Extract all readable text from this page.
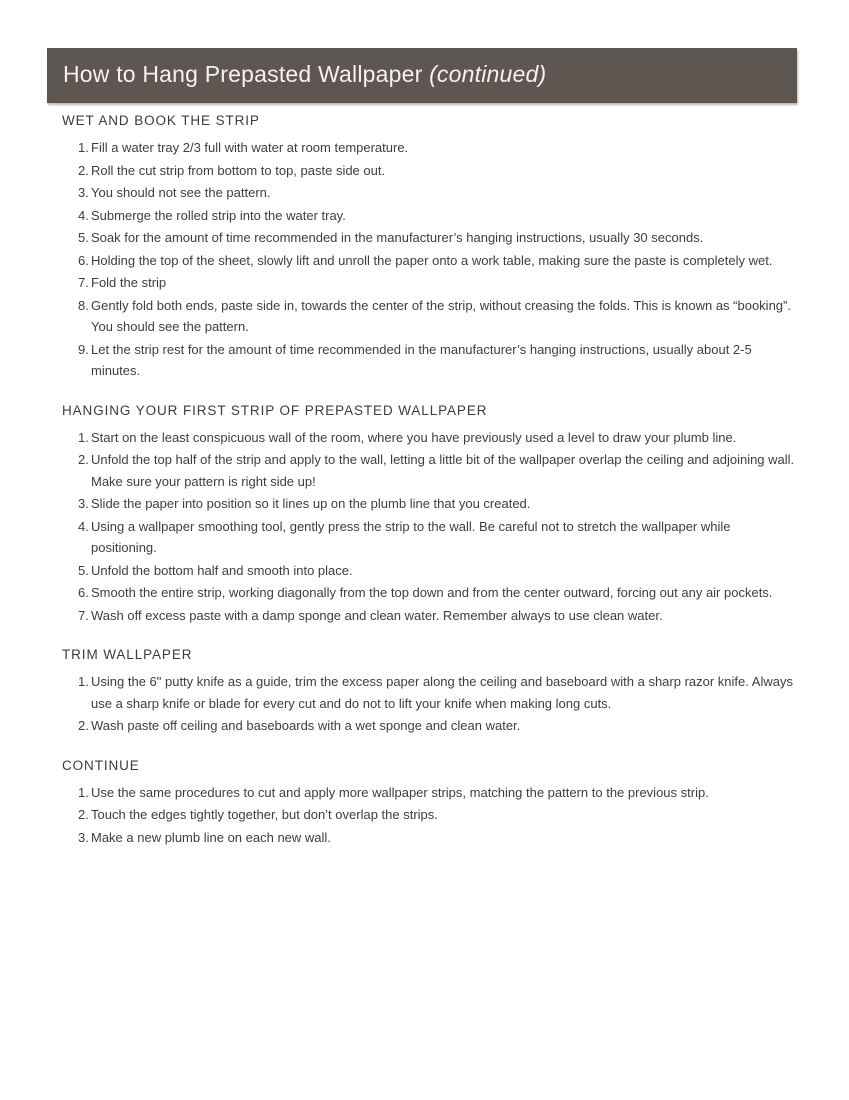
How to Hang Prepasted Wallpaper (continued)
WET AND BOOK THE STRIP
1. Fill a water tray 2/3 full with water at room temperature.
2. Roll the cut strip from bottom to top, paste side out.
3. You should not see the pattern.
4. Submerge the rolled strip into the water tray.
5. Soak for the amount of time recommended in the manufacturer’s hanging instructions, usually 30 seconds.
6. Holding the top of the sheet, slowly lift and unroll the paper onto a work table, making sure the paste is completely wet.
7. Fold the strip
8. Gently fold both ends, paste side in, towards the center of the strip, without creasing the folds. This is known as “booking”. You should see the pattern.
9. Let the strip rest for the amount of time recommended in the manufacturer’s hanging instructions, usually about 2-5 minutes.
HANGING YOUR FIRST STRIP OF PREPASTED WALLPAPER
1. Start on the least conspicuous wall of the room, where you have previously used a level to draw your plumb line.
2. Unfold the top half of the strip and apply to the wall, letting a little bit of the wallpaper overlap the ceiling and adjoining wall. Make sure your pattern is right side up!
3. Slide the paper into position so it lines up on the plumb line that you created.
4. Using a wallpaper smoothing tool, gently press the strip to the wall. Be careful not to stretch the wallpaper while positioning.
5. Unfold the bottom half and smooth into place.
6. Smooth the entire strip, working diagonally from the top down and from the center outward, forcing out any air pockets.
7. Wash off excess paste with a damp sponge and clean water. Remember always to use clean water.
TRIM WALLPAPER
1. Using the 6" putty knife as a guide, trim the excess paper along the ceiling and baseboard with a sharp razor knife. Always use a sharp knife or blade for every cut and do not to lift your knife when making long cuts.
2. Wash paste off ceiling and baseboards with a wet sponge and clean water.
CONTINUE
1. Use the same procedures to cut and apply more wallpaper strips, matching the pattern to the previous strip.
2. Touch the edges tightly together, but don’t overlap the strips.
3. Make a new plumb line on each new wall.
